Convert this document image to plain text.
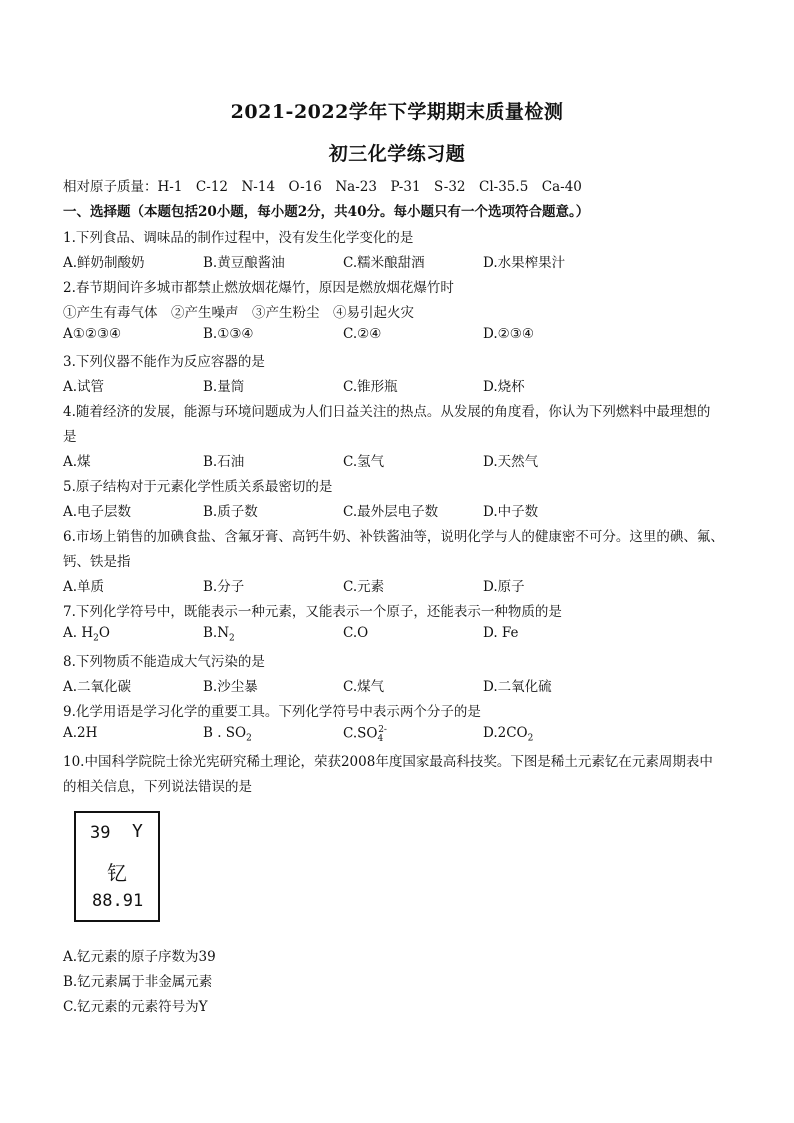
2021-2022学年下学期期末质量检测
初三化学练习题
相对原子质量：H-1　C-12　N-14　O-16　Na-23　P-31　S-32　Cl-35.5　Ca-40
一、选择题（本题包括20小题，每小题2分，共40分。每小题只有一个选项符合题意。）
1.下列食品、调味品的制作过程中，没有发生化学变化的是
A.鲜奶制酸奶	B.黄豆酿酱油	C.糯米酿甜酒	D.水果榨果汁
2.春节期间许多城市都禁止燃放烟花爆竹，原因是燃放烟花爆竹时
①产生有毒气体　②产生噪声　③产生粉尘　④易引起火灾
A①②③④	B.①③④	C.②④	D.②③④
3.下列仪器不能作为反应容器的是
A.试管	B.量筒	C.锥形瓶	D.烧杯
4.随着经济的发展，能源与环境问题成为人们日益关注的热点。从发展的角度看，你认为下列燃料中最理想的
是
A.煤	B.石油	C.氢气	D.天然气
5.原子结构对于元素化学性质关系最密切的是
A.电子层数	B.质子数	C.最外层电子数	D.中子数
6.市场上销售的加碘食盐、含氟牙膏、高钙牛奶、补铁酱油等，说明化学与人的健康密不可分。这里的碘、氟、
钙、铁是指
A.单质	B.分子	C.元素	D.原子
7.下列化学符号中，既能表示一种元素，又能表示一个原子，还能表示一种物质的是
A. $H_2O$	$B.N_2$	C.O	D. Fe
8.下列物质不能造成大气污染的是
A.二氧化碳	B.沙尘暴	C.煤气	D.二氧化硫
9.化学用语是学习化学的重要工具。下列化学符号中表示两个分子的是
A.2H	B . $SO_2$	$C.SO_4^{2-}$	$D.2CO_2$
10.中国科学院院士徐光宪研究稀土理论，荣获2008年度国家最高科技奖。下图是稀土元素钇在元素周期表中
的相关信息，下列说法错误的是
39 Y
钇
88.91
A.钇元素的原子序数为39
B.钇元素属于非金属元素
C.钇元素的元素符号为Y
